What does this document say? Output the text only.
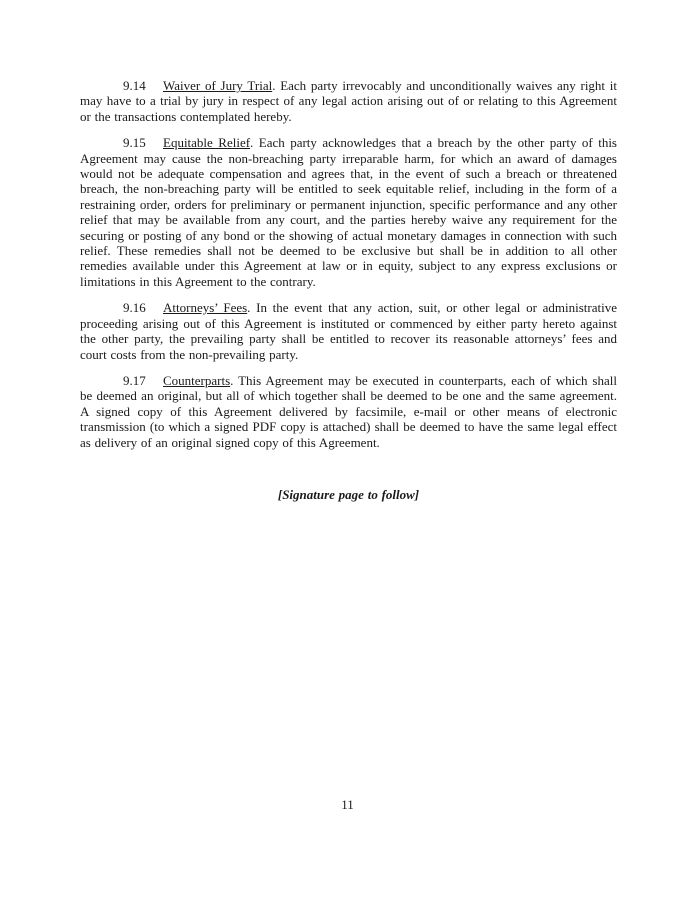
9.14 Waiver of Jury Trial. Each party irrevocably and unconditionally waives any right it may have to a trial by jury in respect of any legal action arising out of or relating to this Agreement or the transactions contemplated hereby.

9.15 Equitable Relief. Each party acknowledges that a breach by the other party of this Agreement may cause the non-breaching party irreparable harm, for which an award of damages would not be adequate compensation and agrees that, in the event of such a breach or threatened breach, the non-breaching party will be entitled to seek equitable relief, including in the form of a restraining order, orders for preliminary or permanent injunction, specific performance and any other relief that may be available from any court, and the parties hereby waive any requirement for the securing or posting of any bond or the showing of actual monetary damages in connection with such relief. These remedies shall not be deemed to be exclusive but shall be in addition to all other remedies available under this Agreement at law or in equity, subject to any express exclusions or limitations in this Agreement to the contrary.

9.16 Attorneys’ Fees. In the event that any action, suit, or other legal or administrative proceeding arising out of this Agreement is instituted or commenced by either party hereto against the other party, the prevailing party shall be entitled to recover its reasonable attorneys’ fees and court costs from the non-prevailing party.

9.17 Counterparts. This Agreement may be executed in counterparts, each of which shall be deemed an original, but all of which together shall be deemed to be one and the same agreement. A signed copy of this Agreement delivered by facsimile, e-mail or other means of electronic transmission (to which a signed PDF copy is attached) shall be deemed to have the same legal effect as delivery of an original signed copy of this Agreement.

[Signature page to follow]

11
